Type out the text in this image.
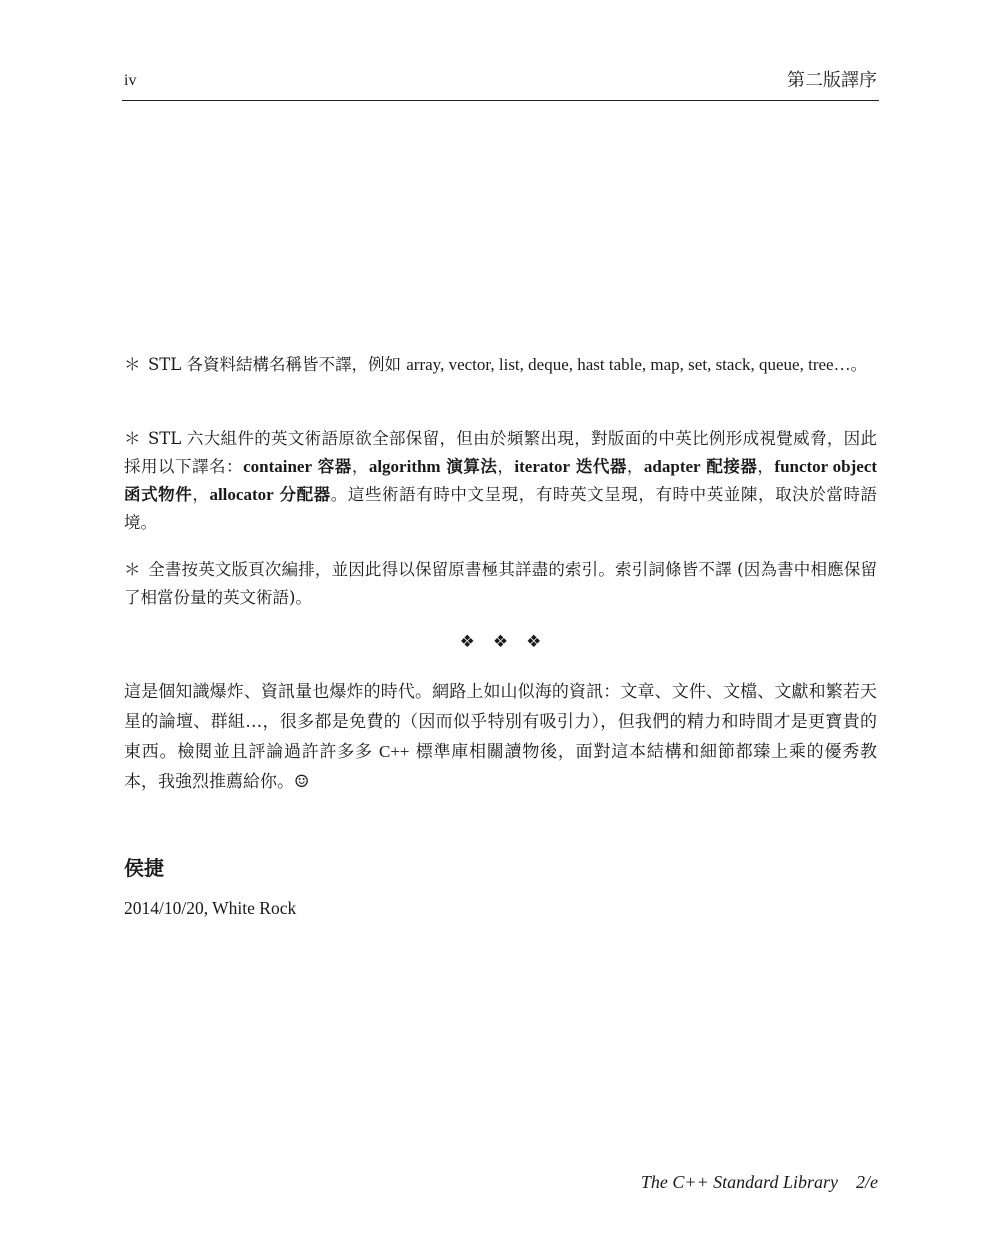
iv	第二版譯序
＊ STL 各資料結構名稱皆不譯，例如 array, vector, list, deque, hast table, map, set, stack, queue, tree…。
＊ STL 六大組件的英文術語原欲全部保留，但由於頻繁出現，對版面的中英比例形成視覺威脅，因此採用以下譯名：container 容器，algorithm 演算法，iterator 迭代器，adapter 配接器，functor object 函式物件，allocator 分配器。這些術語有時中文呈現，有時英文呈現，有時中英並陳，取決於當時語境。
＊ 全書按英文版頁次編排，並因此得以保留原書極其詳盡的索引。索引詞條皆不譯 (因為書中相應保留了相當份量的英文術語)。
❖ ❖ ❖
這是個知識爆炸、資訊量也爆炸的時代。網路上如山似海的資訊：文章、文件、文檔、文獻和繁若天星的論壇、群組…，很多都是免費的（因而似乎特別有吸引力），但我們的精力和時間才是更寶貴的東西。檢閱並且評論過許許多多 C++ 標準庫相關讀物後，面對這本結構和細節都臻上乘的優秀教本，我強烈推薦給你。☺
侯捷
2014/10/20, White Rock
The C++ Standard Library 2/e
